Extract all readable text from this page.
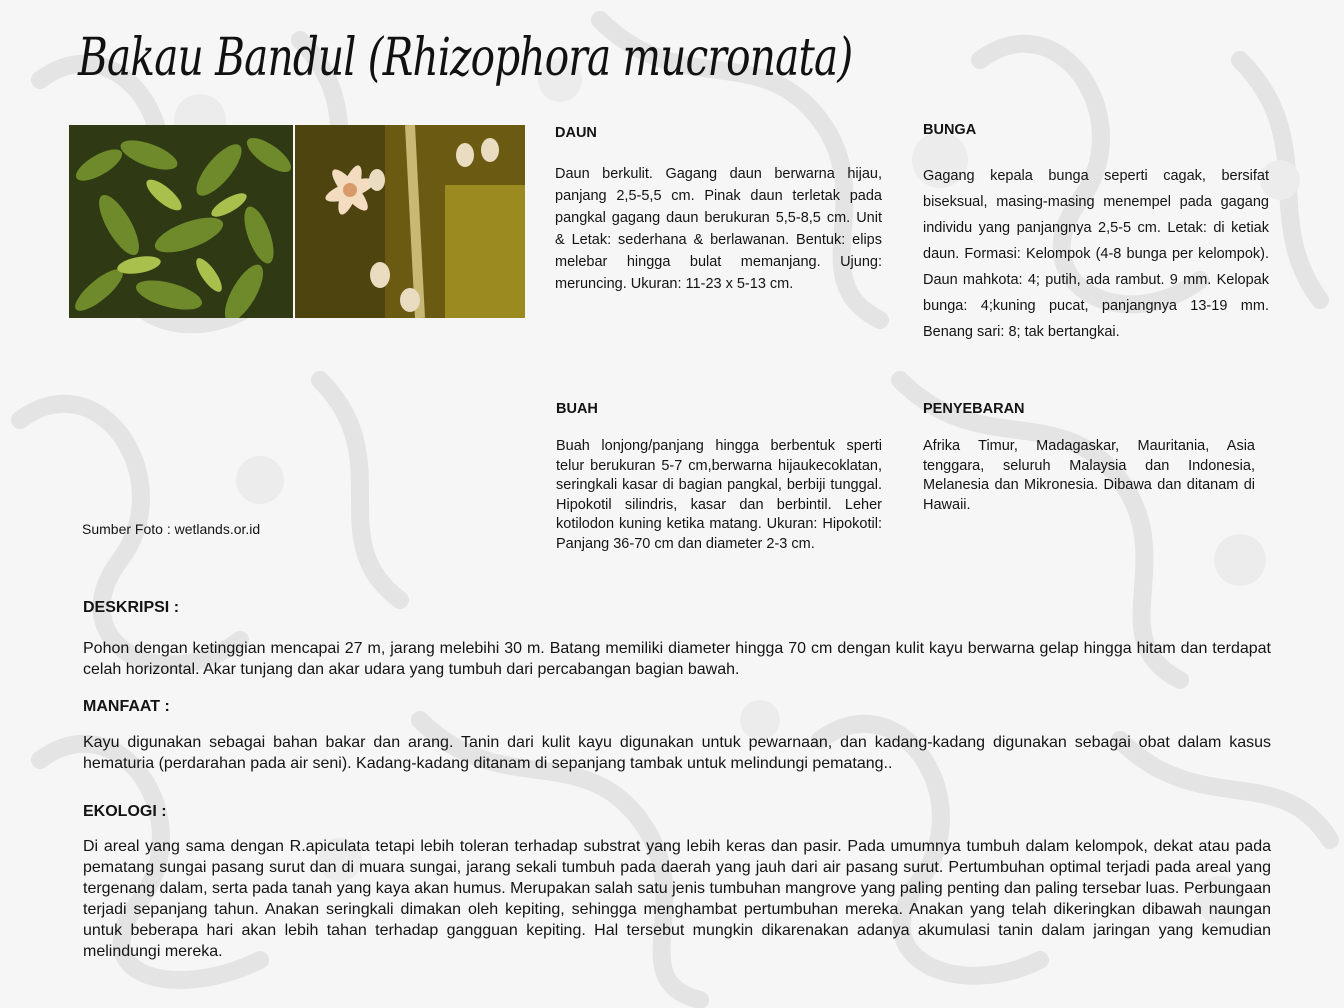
Bakau Bandul (Rhizophora mucronata)
Sumber Foto : wetlands.or.id
DAUN
Daun berkulit. Gagang daun berwarna hijau, panjang 2,5-5,5 cm. Pinak daun terletak pada pangkal gagang daun berukuran 5,5-8,5 cm. Unit & Letak: sederhana & berlawanan. Bentuk: elips melebar hingga bulat memanjang. Ujung: meruncing. Ukuran: 11-23 x 5-13 cm.
BUNGA
Gagang kepala bunga seperti cagak, bersifat biseksual, masing-masing menempel pada gagang individu yang panjangnya 2,5-5 cm. Letak: di ketiak daun. Formasi: Kelompok (4-8 bunga per kelompok). Daun mahkota: 4; putih, ada rambut. 9 mm. Kelopak bunga: 4;kuning pucat, panjangnya 13-19 mm. Benang sari: 8; tak bertangkai.
BUAH
Buah lonjong/panjang hingga berbentuk sperti telur berukuran 5-7 cm,berwarna hijaukecoklatan, seringkali kasar di bagian pangkal, berbiji tunggal. Hipokotil silindris, kasar dan berbintil. Leher kotilodon kuning ketika matang. Ukuran: Hipokotil: Panjang 36-70 cm dan diameter 2-3 cm.
PENYEBARAN
Afrika Timur, Madagaskar, Mauritania, Asia tenggara, seluruh Malaysia dan Indonesia, Melanesia dan Mikronesia. Dibawa dan ditanam di Hawaii.
DESKRIPSI :
Pohon dengan ketinggian mencapai 27 m, jarang melebihi 30 m. Batang memiliki diameter hingga 70 cm dengan kulit kayu berwarna gelap hingga hitam dan terdapat celah horizontal. Akar tunjang dan akar udara yang tumbuh dari percabangan bagian bawah.
MANFAAT :
Kayu digunakan sebagai bahan bakar dan arang. Tanin dari kulit kayu digunakan untuk pewarnaan, dan kadang-kadang digunakan sebagai obat dalam kasus hematuria (perdarahan pada air seni). Kadang-kadang ditanam di sepanjang tambak untuk melindungi pematang..
EKOLOGI :
Di areal yang sama dengan R.apiculata tetapi lebih toleran terhadap substrat yang lebih keras dan pasir. Pada umumnya tumbuh dalam kelompok, dekat atau pada pematang sungai pasang surut dan di muara sungai, jarang sekali tumbuh pada daerah yang jauh dari air pasang surut. Pertumbuhan optimal terjadi pada areal yang tergenang dalam, serta pada tanah yang kaya akan humus. Merupakan salah satu jenis tumbuhan mangrove yang paling penting dan paling tersebar luas. Perbungaan terjadi sepanjang tahun. Anakan seringkali dimakan oleh kepiting, sehingga menghambat pertumbuhan mereka. Anakan yang telah dikeringkan dibawah naungan untuk beberapa hari akan lebih tahan terhadap gangguan kepiting. Hal tersebut mungkin dikarenakan adanya akumulasi tanin dalam jaringan yang kemudian melindungi mereka.
